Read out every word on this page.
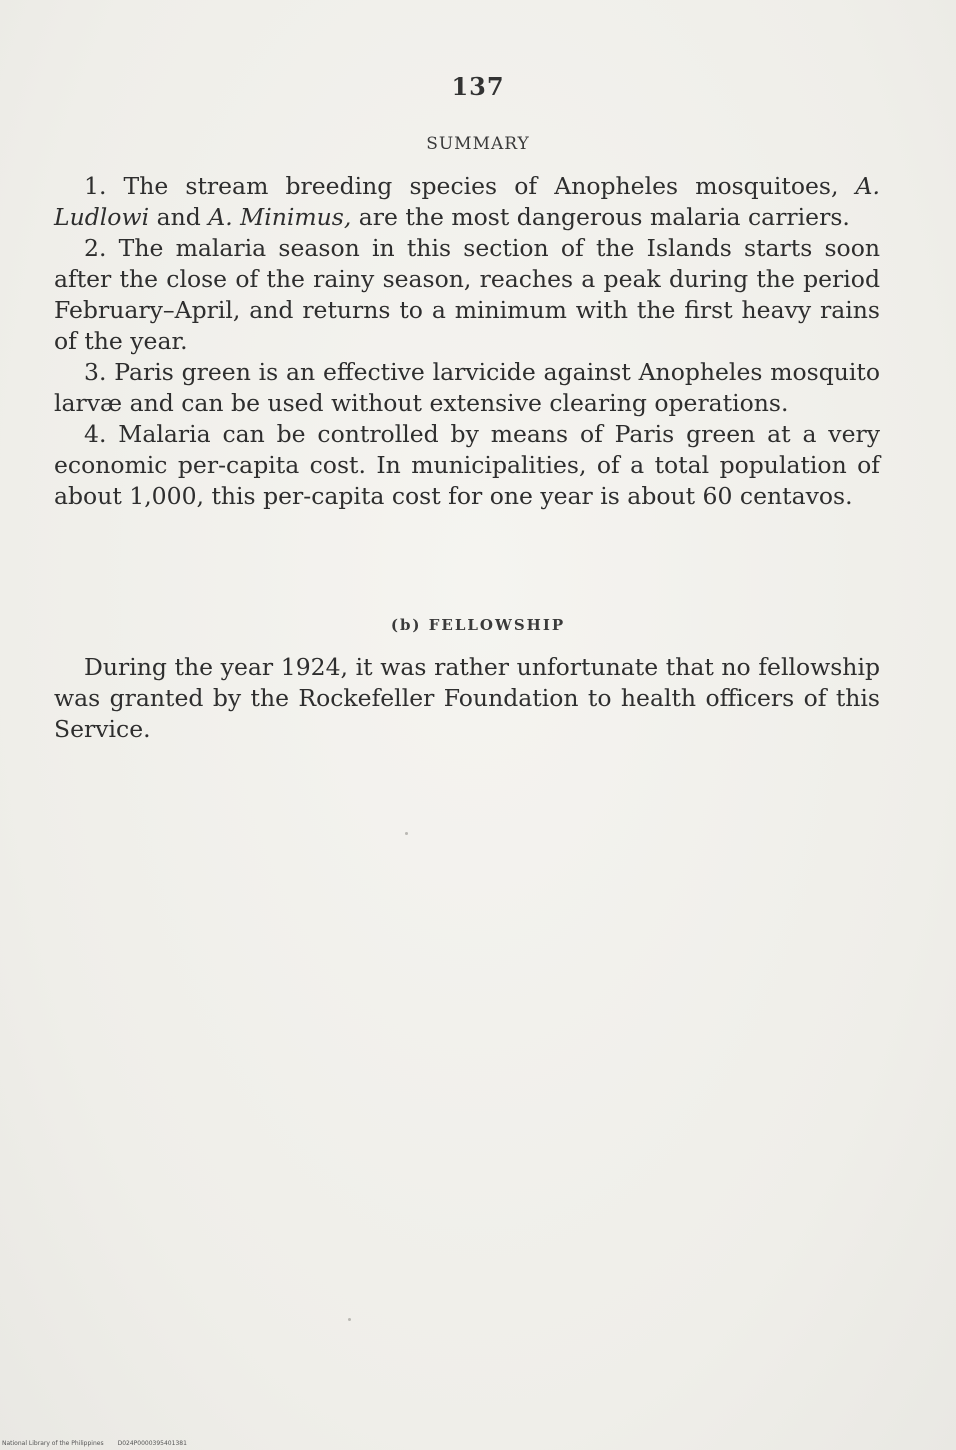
137
SUMMARY

1. The stream breeding species of Anopheles mosquitoes, A. Ludlowi and A. Minimus, are the most dangerous malaria carriers.

2. The malaria season in this section of the Islands starts soon after the close of the rainy season, reaches a peak during the period February–April, and returns to a minimum with the first heavy rains of the year.

3. Paris green is an effective larvicide against Anopheles mosquito larvæ and can be used without extensive clearing operations.

4. Malaria can be controlled by means of Paris green at a very economic per-capita cost. In municipalities, of a total population of about 1,000, this per-capita cost for one year is about 60 centavos.

(b) FELLOWSHIP

During the year 1924, it was rather unfortunate that no fellowship was granted by the Rockefeller Foundation to health officers of this Service.

National Library of the Philippines D024P0000395401381
